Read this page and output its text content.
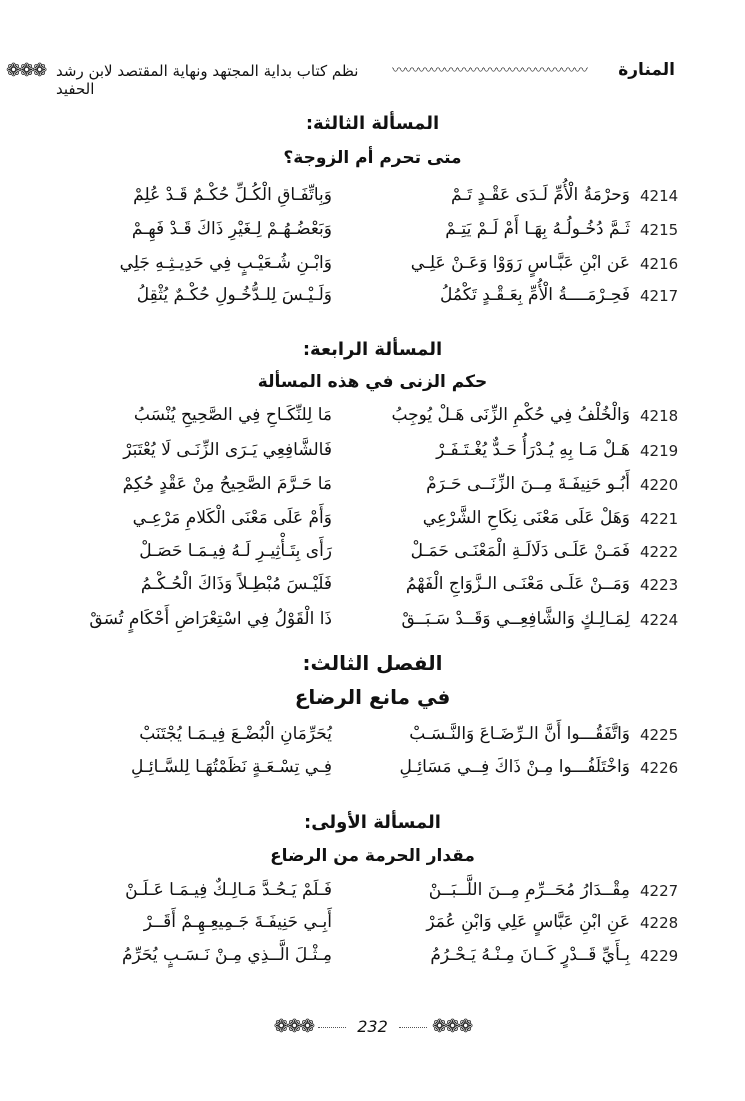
❁❁❁ نظم كتاب بداية المجتهد ونهاية المقتصد لابن رشد الحفيد
〰〰〰〰〰〰〰〰〰〰〰〰〰〰〰	المنارة
المسألة الثالثة:
متى تحرم أم الزوجة؟
4214
وَحرْمَةُ الْأُمِّ لَـدَى عَقْـدٍ تَـمْ
وَبِاتِّفَـاقِ الْكُـلِّ حُكْـمٌ قَـدْ عُلِمْ
4215
ثَـمَّ دُخُـولُـهُ بِهَـا أَمْ لَـمْ يَتِـمْ
وَبَعْضُـهُـمْ لِـغَيْرِ ذَاكَ قَـدْ فَهِـمْ
4216
عَن ابْنِ عَبَّـاسٍ رَوَوْا وَعَـنْ عَلِـي
وَابْـنِ شُـعَيْـبٍ فِي حَدِيـثِـهِ جَلِي
4217
فَحِـرْمَــــةُ الْأُمِّ بِعَـقْـدٍ تَكْمُلُ
وَلَـيْـسَ لِلـدُّخُـولِ حُكْـمٌ يُثْقِلُ
المسألة الرابعة:
حكم الزنى في هذه المسألة
4218
وَالْخُلْفُ فِي حُكْمِ الزِّنَى هَـلْ يُوجِبُ
مَا لِلنِّكَـاحِ فِي الصَّحِيحِ يُنْسَبُ
4219
هَـلْ مَـا بِهِ يُـدْرَأُ حَـدٌّ يُغْـتَـفَـرْ
فَالشَّافِعِي يَـرَى الزِّنَـى لَا يُعْتَبَرْ
4220
أَبُـو حَنِيفَـةَ مِــنَ الزِّنَــى حَـرَمْ
مَا حَـرَّمَ الصَّحِيحُ مِنْ عَقْدٍ حُكِمْ
4221
وَهَلْ عَلَى مَعْنَى نِكَاحِ الشَّرْعِي
وَأَمْ عَلَى مَعْنَى الْكَلامِ مَرْعِـي
4222
فَمَـنْ عَلَـى دَلَالَـةِ الْمَعْنَـى حَمَـلْ
رَأَى بِتَـأْثِيـرِ لَـهُ فِيـمَـا حَصَـلْ
4223
وَمَــنْ عَلَـى مَعْنَـى الـزَّوَاجِ الْفَهْمُ
فَلَيْـسَ مُبْطِـلاً وَذَاكَ الْحُـكْـمُ
4224
لِمَـالِـكٍ وَالشَّافِعِــي وَقَــدْ سَـبَــقْ
ذَا الْقَوْلُ فِي اسْتِعْرَاضِ أَحْكَامٍ تُسَقْ
الفصل الثالث:
في مانع الرضاع
4225
وَاتَّفَقُـــوا أَنَّ الـرِّضَـاعَ وَالنَّـسَـبْ
يُحَرِّمَانِ الْبُضْـعَ فِيـمَـا يُجْتَنَبْ
4226
وَاخْتَلَفُـــوا مِـنْ ذَاكَ فِــي مَسَائِـلِ
فِـي تِسْـعَـةٍ نَظَمْتُهَـا لِلسَّـائِـلِ
المسألة الأولى:
مقدار الحرمة من الرضاع
4227
مِقْــدَارُ مُحَــرِّمِ مِــنَ اللَّــبَــنْ
فَـلَمْ يَـحُـدَّ مَـالِـكٌ فِيـمَـا عَـلَـنْ
4228
عَنِ ابْنِ عَبَّاسٍ عَلِي وَابْنِ عُمَرْ
أَبِـي حَنِيفَـةَ جَـمِيعِـهِـمْ أَقَــرْ
4229
بِـأَيِّ قَــدْرٍ كَــانَ مِـنْـهُ يَـحْـرُمُ
مِـثْـلَ الَّــذِي مِـنْ نَـسَـبٍ يُحَرِّمُ
❁❁❁	232 ❁❁❁
